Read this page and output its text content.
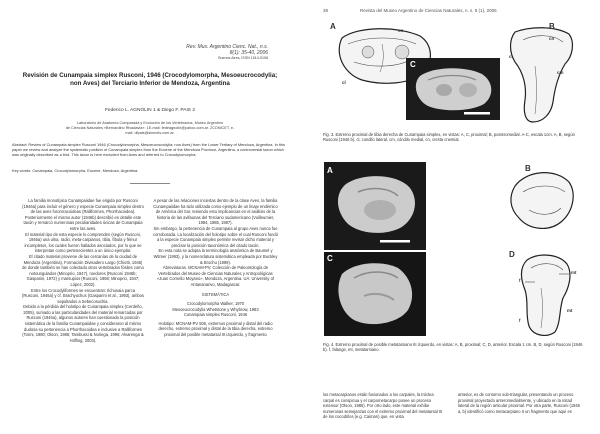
Rev. Mus. Argentino Cienc. Nat., n.s.
8(1): 35-40, 2006

Buenos Aires, ISSN 1514-5158
Revisión de Cunampaia simplex Rusconi, 1946 (Crocodylomorpha, Mesoeucrocodylia; non Aves) del Terciario Inferior de Mendoza, Argentina
Federico L. AGNOLIN 1 & Diego F. PAIS 2
Laboratorio de Anatomía Comparada y Evolución de los Vertebrados, Museo Argentino
de Ciencias Naturales «Bernardino Rivadavia». 1E-mail: fedeagnolin@yahoo.com.ar. 2CONICET, e-
mail: dfpais@sinectis.com.ar.
Abstract: Review of Cunampaia simplex Rusconi 1946 (Crocodylomorpha, Mesoeucrocodylia; non Aves) from the Lower Tertiary of Mendoza, Argentina. In this paper we review and analyze the systematic position of Cunampaia simplex from the Eocene of the Mendoza Province, Argentina, a controversial taxon which was originally described as a bird. This taxon is here excluded from Aves and referred to Crocodylomorpha.
Key words: Cunampaia, Crocodylomorpha, Eocene, Mendoza, Argentina.

La familia monotípica Cunampaiidae fue erigida por Rusconi (1946a) para incluir el género y especie Cunampaia simplex dentro de las aves foronrracoideas (Ralliformes, Phorrhacoidea).

Posteriormente el mismo autor (1946b) describió en detalle este taxón y remarcó numerosas peculiaridades únicas de Cunampaia entre las aves.

El material tipo de esta especie lo comprenden (según Rusconi, 1946a) una ulna, radio, meta-carpianos, tibia, fíbula y fémur incompletos, los cuales fueron hallados asociados, por lo que se interpretan como pertenecientes a un único ejemplar.

El citado material proviene de las cercanías de la ciudad de Mendoza (Argentina), Formación Divisadero Largo (Chiotti, 1946) de donde también se han colectado otros vertebrados fósiles como notoungulados (Minoprio, 1947), roedores (Rusconi 1946b; Gasparini, 1972) y marsupios (Rusconi, 1968; Minoprio, 1947; López, 2002).

Entre los Crocodyliformes se encuentran: Ilchunaia parca (Rusconi, 1946a) y cf. Brachyuchus (Gasparini et al., 1993), ambos sepultados a Sebecosuchia.

Debido a la pérdida del holotipo de Cunampaia simplex (Cerdeño, 2005), sumado a las particularidades del material remarcadas por Rusconi (1946a), algunos autores han cuestionado la posición sistemática de la familia Cunampaiidae y consideraron al mismo dudosa su pertenencia a Phorrhacoidea e inclusive a Ralliformes (Tonni, 1980; Olson, 1985; Tambussi & Noriega, 1996; Alvarenga & Höfling, 2003).

A pesar de las relaciones inciertas dentro de la clase Aves, la familia Cunampaiidae ha sido utilizada como ejemplo de un linaje endémico de América del Sur, teniendo esto implicancias en el análisis de la historia de las avifaunas del Terciario sudamericano (Vuilleumier, 1984, 1985, 1987).

Sin embargo, la pertenencia de Cunampaia al grupo Aves nunca fue corroborada. La localización del holotipo sobre el cual Rusconi fundó a la especie Cunampaia simplex permite revisar dicho material y precisar la posición taxonómica del citado taxón.

En esta nota se adopta la terminología anatómica de Baumel y Witmer (1993), y la nomenclatura sistemática empleada por Buckley & Brochu (1999).

Abreviaturas. MCNAM-PV: Colección de Paleontología de Vertebrados del Museo de Ciencias Naturales y Antropológicas «Juan Cornelio Moyano», Mendoza, Argentina. UA: University of Antananarivo, Madagascar.

SISTEMÁTICA

Crocodylomorpha Walker, 1970

Mesoeucrocodylia Whetstone y Whybrow, 1983

Cunampaia simplex Rusconi, 1946

Holotipo: MCNAM-PV 506, extremos proximal y distal del radio derecho, extremo proximal y distal de la tibia derecha, extremo proximal del posible metatarsal III izquierdo, y fragmento

38	Revista del Museo Argentino de Ciencias Naturales, n. s. 8 (1), 2006
A	cn
cl
B
cn
cl
cm
C
Fig. 3. Extremo proximal de tibia derecha de Cunampaia simplex, en vistas: A, C, proximal; B, posteromedial. A-C, escala 1cm. A, B, según Rusconi (1946 b). cl, condilo lateral, cm, cóndilo medial, cn, cresta cnemial.
A	B
C	D
f
mt
f
mt
Fig. 4. Extremo proximal de posible metatarsiano III izquierdo, en vistas: A, B, proximal; C, D, anterior. Escala 1 cm. B, D, según Rusconi (1946 b). f, falange, mt, metatarsiano.
los metacarpianos están fusionados a los carpales, la tróclea carpal es conspicua y el carpometacarpo posee un proceso extensor (Olson, 1985). Por otro lado, este material exhibe numerosas semejanzas con el extremo proximal del metatarsal III de los cocodrilos (e.g. Caiman) que, en vista
anterior, es de contorno sub-triangular, presentando un proceso proximal proyectado anteromedialmente, y ubicado en la mitad lateral de la región articular proximal. Por otra parte, Rusconi (1946 a, b) identificó como metacarpiano II un fragmento que aquí es
